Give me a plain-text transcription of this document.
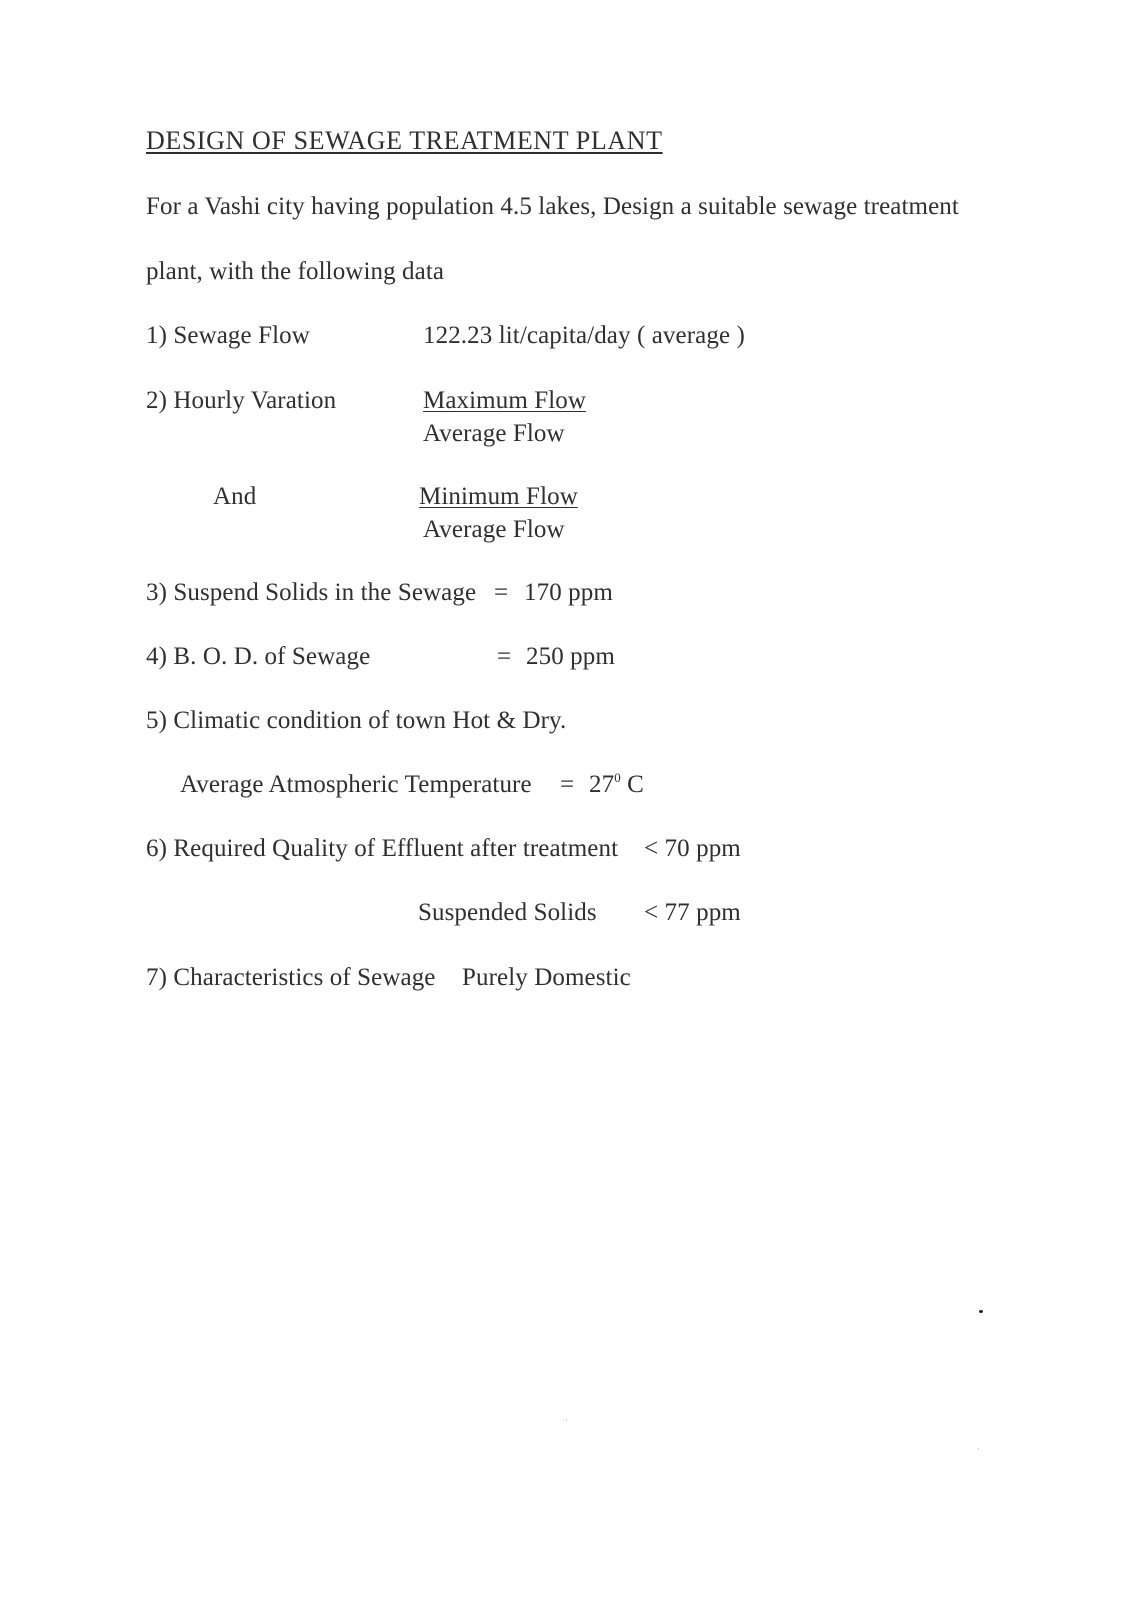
DESIGN OF SEWAGE TREATMENT PLANT
For a Vashi city having population 4.5 lakes, Design a suitable sewage treatment
plant, with the following data
1) Sewage Flow	122.23 lit/capita/day ( average )
2) Hourly Varation	Maximum Flow
Average Flow
And	Minimum Flow
Average Flow
3) Suspend Solids in the Sewage = 170 ppm
4) B. O. D. of Sewage	= 250 ppm
5) Climatic condition of town Hot & Dry.
Average Atmospheric Temperature = $27^0$ C
6) Required Quality of Effluent after treatment < 70 ppm
Suspended Solids < 77 ppm
7) Characteristics of Sewage Purely Domestic
